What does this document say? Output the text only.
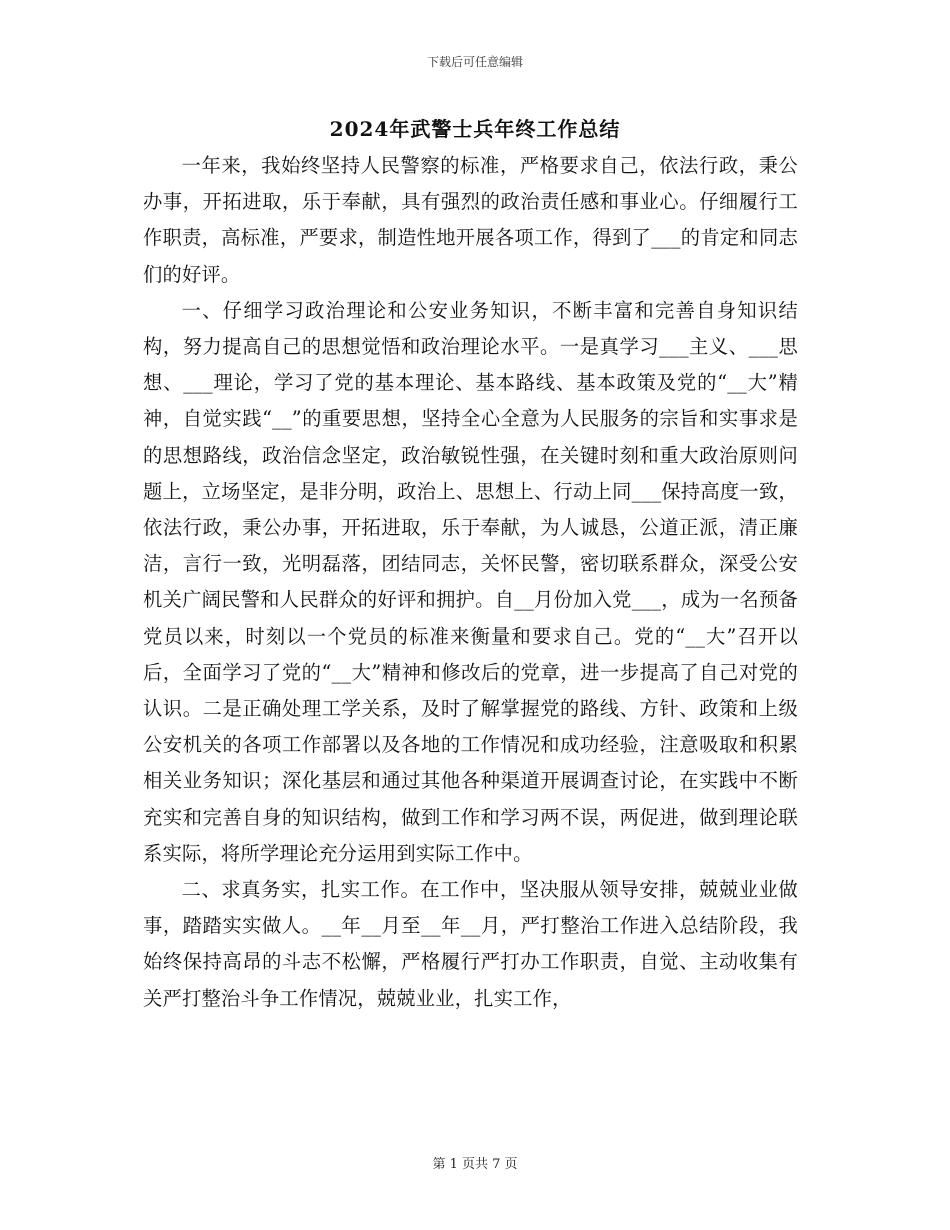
下载后可任意编辑
2024年武警士兵年终工作总结

一年来，我始终坚持人民警察的标准，严格要求自己，依法行政，秉公办事，开拓进取，乐于奉献，具有强烈的政治责任感和事业心。仔细履行工作职责，高标准，严要求，制造性地开展各项工作，得到了___的肯定和同志们的好评。

一、仔细学习政治理论和公安业务知识，不断丰富和完善自身知识结构，努力提高自己的思想觉悟和政治理论水平。一是真学习___主义、___思想、___理论，学习了党的基本理论、基本路线、基本政策及党的“__大”精神，自觉实践“__”的重要思想，坚持全心全意为人民服务的宗旨和实事求是的思想路线，政治信念坚定，政治敏锐性强，在关键时刻和重大政治原则问题上，立场坚定，是非分明，政治上、思想上、行动上同___保持高度一致，依法行政，秉公办事，开拓进取，乐于奉献，为人诚恳，公道正派，清正廉洁，言行一致，光明磊落，团结同志，关怀民警，密切联系群众，深受公安机关广阔民警和人民群众的好评和拥护。自__月份加入党___，成为一名预备党员以来，时刻以一个党员的标准来衡量和要求自己。党的“__大”召开以后，全面学习了党的“__大”精神和修改后的党章，进一步提高了自己对党的认识。二是正确处理工学关系，及时了解掌握党的路线、方针、政策和上级公安机关的各项工作部署以及各地的工作情况和成功经验，注意吸取和积累相关业务知识；深化基层和通过其他各种渠道开展调查讨论，在实践中不断充实和完善自身的知识结构，做到工作和学习两不误，两促进，做到理论联系实际，将所学理论充分运用到实际工作中。

二、求真务实，扎实工作。在工作中，坚决服从领导安排，兢兢业业做事，踏踏实实做人。__年__月至__年__月，严打整治工作进入总结阶段，我始终保持高昂的斗志不松懈，严格履行严打办工作职责，自觉、主动收集有关严打整治斗争工作情况，兢兢业业，扎实工作，

第 1 页共 7 页
